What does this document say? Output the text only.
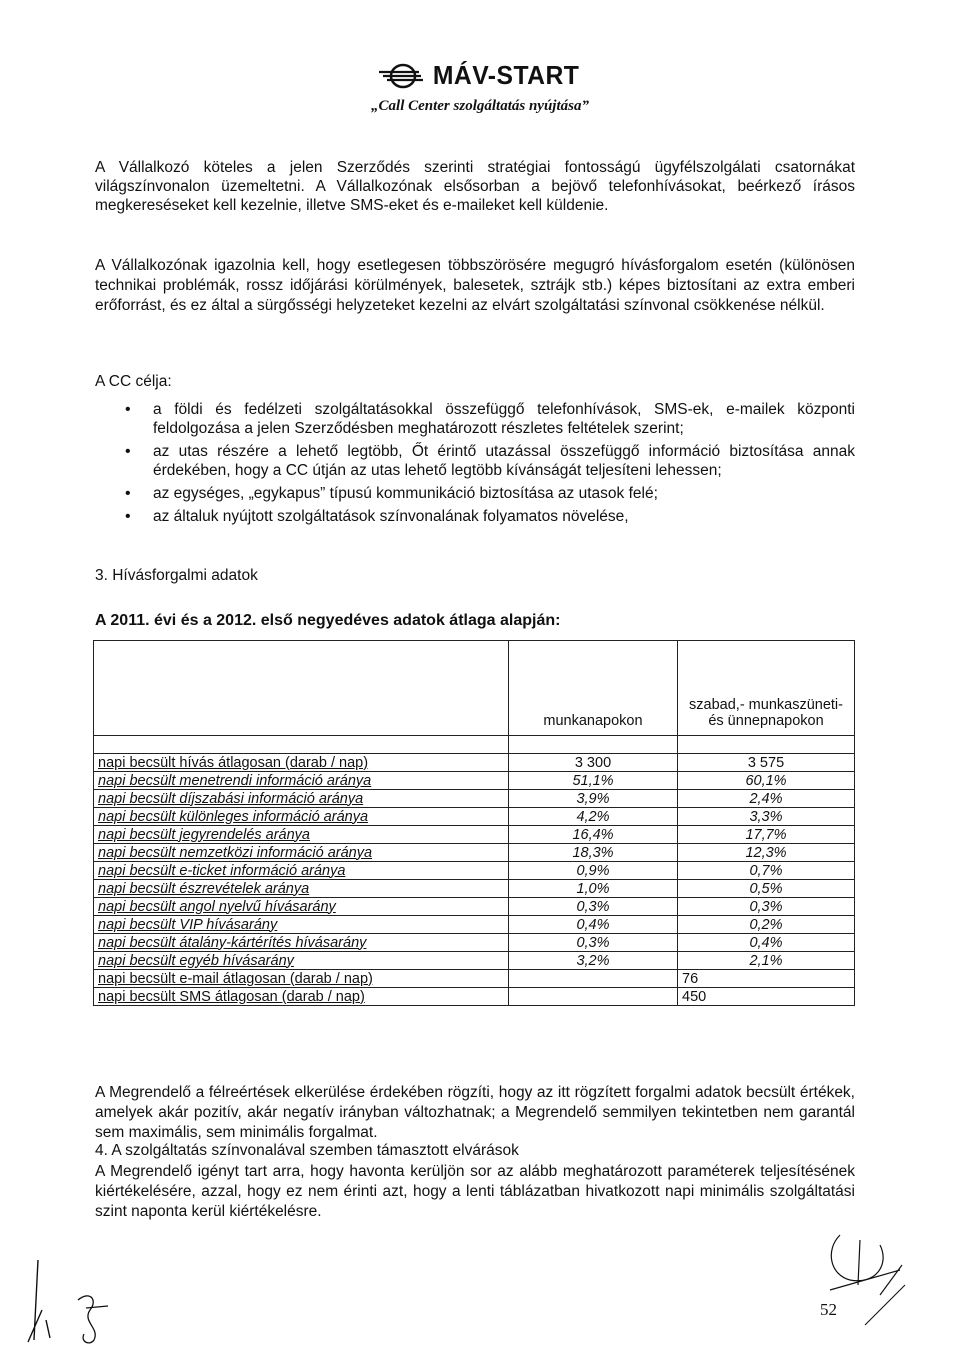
MÁV-START
„Call Center szolgáltatás nyújtása”
A Vállalkozó köteles a jelen Szerződés szerinti stratégiai fontosságú ügyfélszolgálati csatornákat világszínvonalon üzemeltetni. A Vállalkozónak elsősorban a bejövő telefonhívásokat, beérkező írásos megkereséseket kell kezelnie, illetve SMS-eket és e-maileket kell küldenie.
A Vállalkozónak igazolnia kell, hogy esetlegesen többszörösére megugró hívásforgalom esetén (különösen technikai problémák, rossz időjárási körülmények, balesetek, sztrájk stb.) képes biztosítani az extra emberi erőforrást, és ez által a sürgősségi helyzeteket kezelni az elvárt szolgáltatási színvonal csökkenése nélkül.
A CC célja:
• a földi és fedélzeti szolgáltatásokkal összefüggő telefonhívások, SMS-ek, e-mailek központi feldolgozása a jelen Szerződésben meghatározott részletes feltételek szerint;
• az utas részére a lehető legtöbb, Őt érintő utazással összefüggő információ biztosítása annak érdekében, hogy a CC útján az utas lehető legtöbb kívánságát teljesíteni lehessen;
• az egységes, „egykapus” típusú kommunikáció biztosítása az utasok felé;
• az általuk nyújtott szolgáltatások színvonalának folyamatos növelése,
3. Hívásforgalmi adatok
A 2011. évi és a 2012. első negyedéves adatok átlaga alapján:
	munkanapokon	szabad,- munkaszüneti- és ünnepnapokon

napi becsült hívás átlagosan (darab / nap)	3 300	3 575
napi becsült menetrendi információ aránya	51,1%	60,1%
napi becsült díjszabási információ aránya	3,9%	2,4%
napi becsült különleges információ aránya	4,2%	3,3%
napi becsült jegyrendelés aránya	16,4%	17,7%
napi becsült nemzetközi információ aránya	18,3%	12,3%
napi becsült e-ticket információ aránya	0,9%	0,7%
napi becsült észrevételek aránya	1,0%	0,5%
napi becsült angol nyelvű hívásarány	0,3%	0,3%
napi becsült VIP hívásarány	0,4%	0,2%
napi becsült átalány-kártérítés hívásarány	0,3%	0,4%
napi becsült egyéb hívásarány	3,2%	2,1%
napi becsült e-mail átlagosan (darab / nap)		76
napi becsült SMS átlagosan (darab / nap)		450
A Megrendelő a félreértések elkerülése érdekében rögzíti, hogy az itt rögzített forgalmi adatok becsült értékek, amelyek akár pozitív, akár negatív irányban változhatnak; a Megrendelő semmilyen tekintetben nem garantál sem maximális, sem minimális forgalmat.
4. A szolgáltatás színvonalával szemben támasztott elvárások
A Megrendelő igényt tart arra, hogy havonta kerüljön sor az alább meghatározott paraméterek teljesítésének kiértékelésére, azzal, hogy ez nem érinti azt, hogy a lenti táblázatban hivatkozott napi minimális szolgáltatási szint naponta kerül kiértékelésre.
52
